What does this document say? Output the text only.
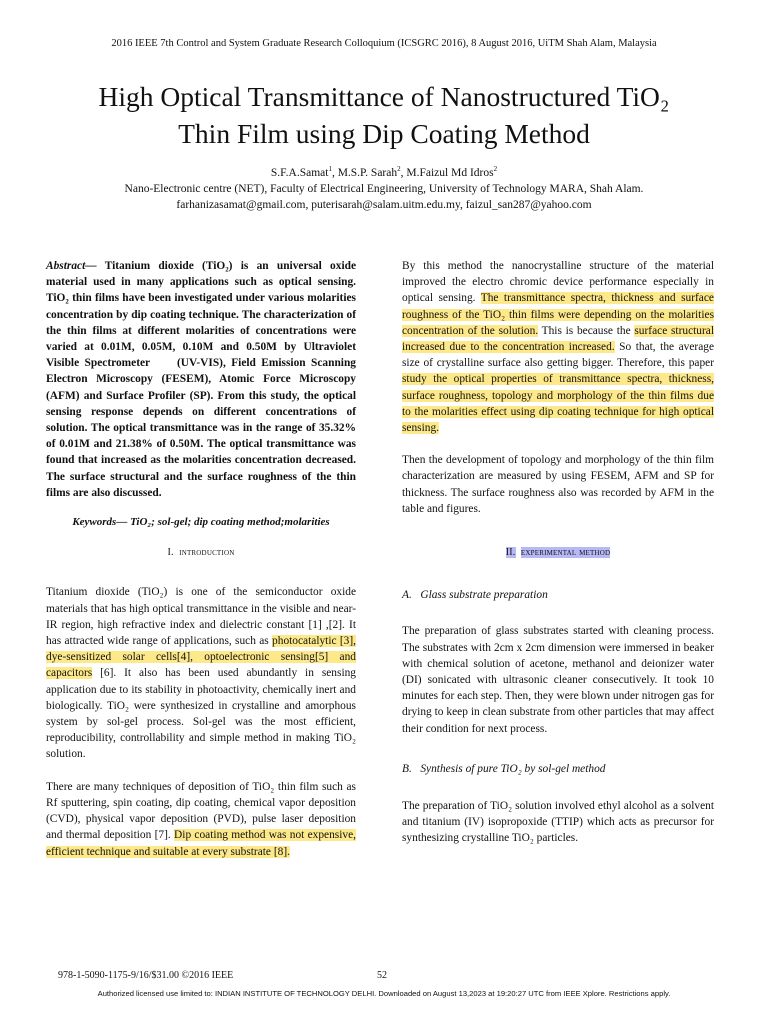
2016 IEEE 7th Control and System Graduate Research Colloquium (ICSGRC 2016), 8 August 2016, UiTM Shah Alam, Malaysia
High Optical Transmittance of Nanostructured TiO₂
Thin Film using Dip Coating Method
S.F.A.Samat$^1$, M.S.P. Sarah$^2$, M.Faizul Md Idros$^2$
Nano-Electronic centre (NET), Faculty of Electrical Engineering, University of Technology MARA, Shah Alam.
farhanizasamat@gmail.com, puterisarah@salam.uitm.edu.my, faizul_san287@yahoo.com

Abstract— Titanium dioxide (TiO₂) is an universal oxide material used in many applications such as optical sensing. TiO₂ thin films have been investigated under various molarities concentration by dip coating technique. The characterization of the thin films at different molarities of concentrations were varied at 0.01M, 0.05M, 0.10M and 0.50M by Ultraviolet Visible Spectrometer     (UV-VIS), Field Emission Scanning Electron Microscopy (FESEM), Atomic Force Microscopy (AFM) and Surface Profiler (SP). From this study, the optical sensing response depends on different concentrations of solution. The optical transmittance was in the range of 35.32% of 0.01M and 21.38% of 0.50M. The optical transmittance was found that increased as the molarities concentration decreased. The surface structural and the surface roughness of the thin films are also discussed.

Keywords— TiO₂; sol-gel; dip coating method;molarities

I. introduction

Titanium dioxide (TiO₂) is one of the semiconductor oxide materials that has high optical transmittance in the visible and near-IR region, high refractive index and dielectric constant [1] ,[2]. It has attracted wide range of applications, such as photocatalytic [3], dye-sensitized solar cells[4], optoelectronic sensing[5] and capacitors [6]. It also has been used abundantly in sensing application due to its stability in photoactivity, chemically inert and biologically. TiO₂ were synthesized in crystalline and amorphous system by sol-gel process. Sol-gel was the most efficient, reproducibility, controllability and simple method in making TiO₂ solution.

There are many techniques of deposition of TiO₂ thin film such as Rf sputtering, spin coating, dip coating, chemical vapor deposition (CVD), physical vapor deposition (PVD), pulse laser deposition and thermal deposition [7]. Dip coating method was not expensive, efficient technique and suitable at every substrate [8].

By this method the nanocrystalline structure of the material improved the electro chromic device performance especially in optical sensing. The transmittance spectra, thickness and surface roughness of the TiO₂ thin films were depending on the molarities concentration of the solution. This is because the surface structural increased due to the concentration increased. So that, the average size of crystalline surface also getting bigger. Therefore, this paper study the optical properties of transmittance spectra, thickness, surface roughness, topology and morphology of the thin films due to the molarities effect using dip coating technique for high optical sensing.

Then the development of topology and morphology of the thin film characterization are measured by using FESEM, AFM and SP for thickness. The surface roughness also was recorded by AFM in the table and figures.

II. experimental method

A.   Glass substrate preparation

The preparation of glass substrates started with cleaning process. The substrates with 2cm x 2cm dimension were immersed in beaker with chemical solution of acetone, methanol and deionizer water (DI) sonicated with ultrasonic cleaner consecutively. It took 10 minutes for each step. Then, they were blown under nitrogen gas for drying to keep in clean substrate from other particles that may affect their condition for next process.

B.   Synthesis of pure TiO₂ by sol-gel method

The preparation of TiO₂ solution involved ethyl alcohol as a solvent and titanium (IV) isopropoxide (TTIP) which acts as precursor for synthesizing crystalline TiO₂ particles.

978-1-5090-1175-9/16/$31.00 ©2016 IEEE	52
Authorized licensed use limited to: INDIAN INSTITUTE OF TECHNOLOGY DELHI. Downloaded on August 13,2023 at 19:20:27 UTC from IEEE Xplore. Restrictions apply.
